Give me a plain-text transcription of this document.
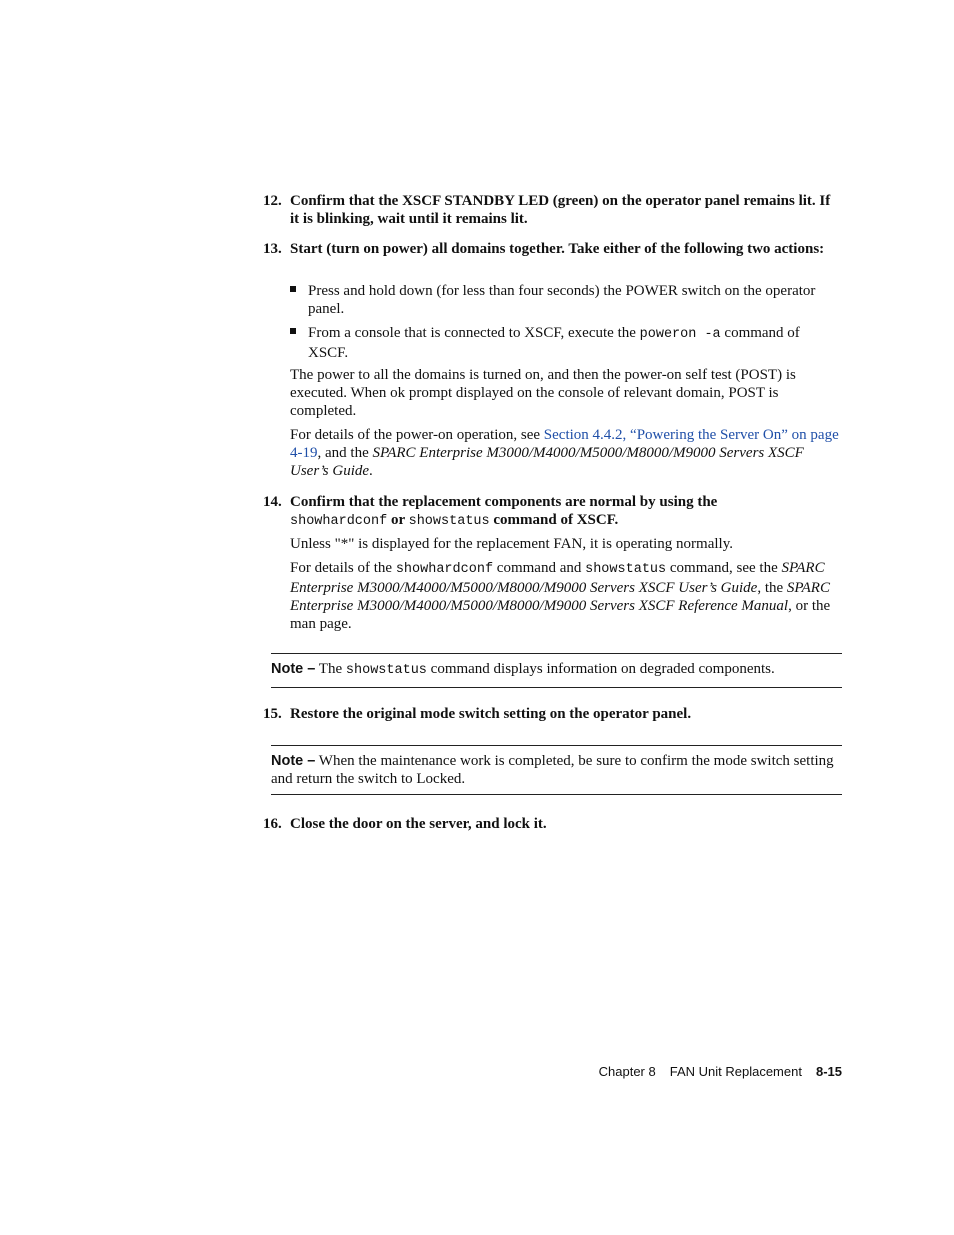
12. Confirm that the XSCF STANDBY LED (green) on the operator panel remains lit. If it is blinking, wait until it remains lit.
13. Start (turn on power) all domains together. Take either of the following two actions:
Press and hold down (for less than four seconds) the POWER switch on the operator panel.
From a console that is connected to XSCF, execute the poweron -a command of XSCF.
The power to all the domains is turned on, and then the power-on self test (POST) is executed. When ok prompt displayed on the console of relevant domain, POST is completed.
For details of the power-on operation, see Section 4.4.2, “Powering the Server On” on page 4-19, and the SPARC Enterprise M3000/M4000/M5000/M8000/M9000 Servers XSCF User’s Guide.
14. Confirm that the replacement components are normal by using the
showhardconf or showstatus command of XSCF.
Unless "*" is displayed for the replacement FAN, it is operating normally.
For details of the showhardconf command and showstatus command, see the SPARC Enterprise M3000/M4000/M5000/M8000/M9000 Servers XSCF User’s Guide, the SPARC Enterprise M3000/M4000/M5000/M8000/M9000 Servers XSCF Reference Manual, or the man page.
Note – The showstatus command displays information on degraded components.
15. Restore the original mode switch setting on the operator panel.
Note – When the maintenance work is completed, be sure to confirm the mode switch setting and return the switch to Locked.
16. Close the door on the server, and lock it.
Chapter 8 FAN Unit Replacement 8-15
